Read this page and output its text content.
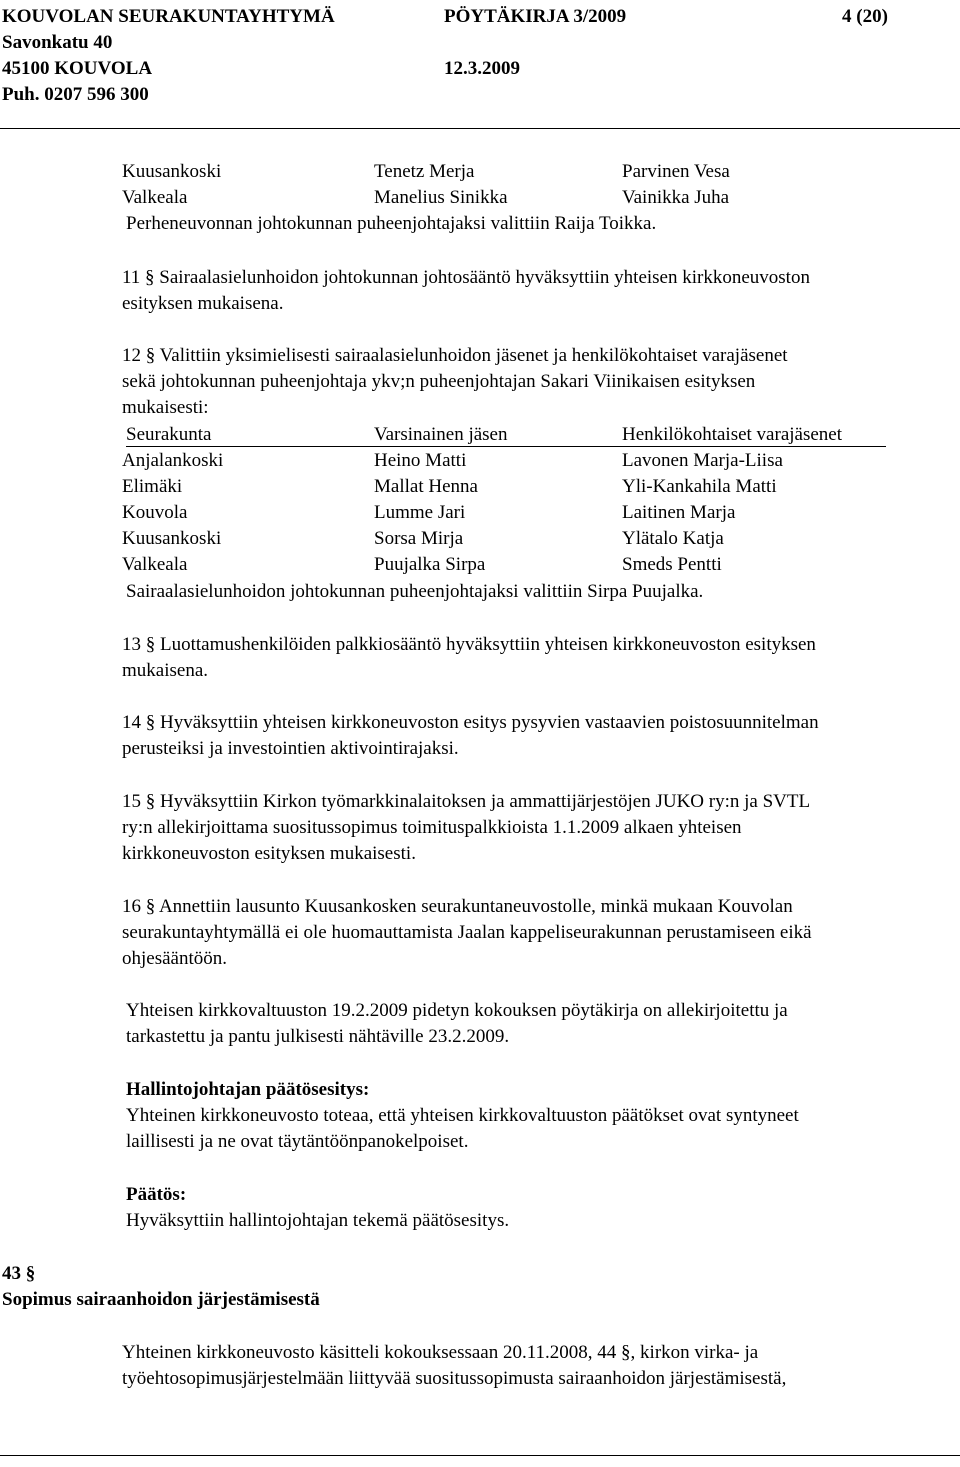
KOUVOLAN SEURAKUNTAYHTYMÄ	PÖYTÄKIRJA 3/2009	4 (20)
Savonkatu 40
45100 KOUVOLA	12.3.2009
Puh. 0207 596 300
Kuusankoski	Tenetz Merja	Parvinen Vesa
Valkeala	Manelius Sinikka	Vainikka Juha
Perheneuvonnan johtokunnan puheenjohtajaksi valittiin Raija Toikka.
11 § Sairaalasielunhoidon johtokunnan johtosääntö hyväksyttiin yhteisen kirkkoneuvoston
esityksen mukaisena.
12 § Valittiin yksimielisesti sairaalasielunhoidon jäsenet ja henkilökohtaiset varajäsenet
sekä johtokunnan puheenjohtaja ykv;n puheenjohtajan Sakari Viinikaisen esityksen
mukaisesti:
Seurakunta	Varsinainen jäsen	Henkilökohtaiset varajäsenet
Anjalankoski	Heino Matti	Lavonen Marja-Liisa
Elimäki	Mallat Henna	Yli-Kankahila Matti
Kouvola	Lumme Jari	Laitinen Marja
Kuusankoski	Sorsa Mirja	Ylätalo Katja
Valkeala	Puujalka Sirpa	Smeds Pentti
Sairaalasielunhoidon johtokunnan puheenjohtajaksi valittiin Sirpa Puujalka.
13 § Luottamushenkilöiden palkkiosääntö hyväksyttiin yhteisen kirkkoneuvoston esityksen
mukaisena.
14 § Hyväksyttiin yhteisen kirkkoneuvoston esitys pysyvien vastaavien poistosuunnitelman
perusteiksi ja investointien aktivointirajaksi.
15 § Hyväksyttiin Kirkon työmarkkinalaitoksen ja ammattijärjestöjen JUKO ry:n ja SVTL
ry:n allekirjoittama suositussopimus toimituspalkkioista 1.1.2009 alkaen yhteisen
kirkkoneuvoston esityksen mukaisesti.
16 § Annettiin lausunto Kuusankosken seurakuntaneuvostolle, minkä mukaan Kouvolan
seurakuntayhtymällä ei ole huomauttamista Jaalan kappeliseurakunnan perustamiseen eikä
ohjesääntöön.
Yhteisen kirkkovaltuuston 19.2.2009 pidetyn kokouksen pöytäkirja on allekirjoitettu ja
tarkastettu ja pantu julkisesti nähtäville 23.2.2009.
Hallintojohtajan päätösesitys:
Yhteinen kirkkoneuvosto toteaa, että yhteisen kirkkovaltuuston päätökset ovat syntyneet
laillisesti ja ne ovat täytäntöönpanokelpoiset.
Päätös:
Hyväksyttiin hallintojohtajan tekemä päätösesitys.
43 §
Sopimus sairaanhoidon järjestämisestä
Yhteinen kirkkoneuvosto käsitteli kokouksessaan 20.11.2008, 44 §, kirkon virka- ja
työehtosopimusjärjestelmään liittyvää suositussopimusta sairaanhoidon järjestämisestä,
